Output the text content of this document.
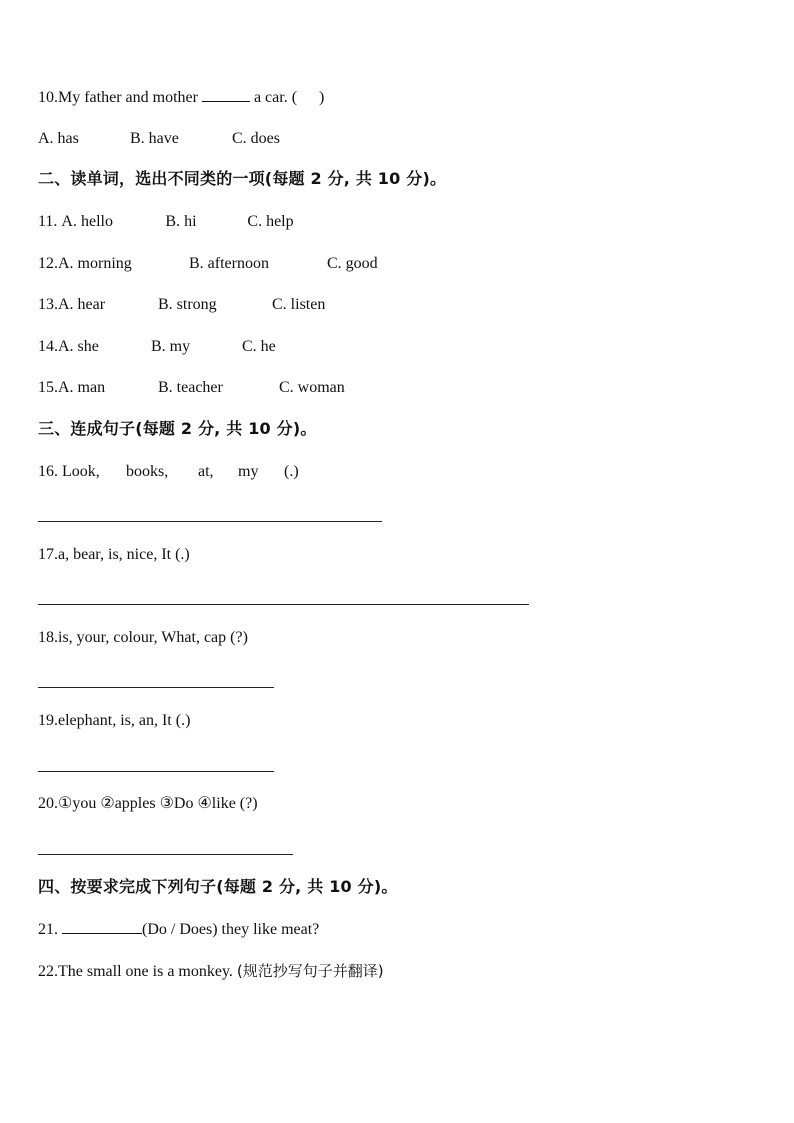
10.My father and mother	a car. ( )
A. has	B. have	C. does
二、读单词，选出不同类的一项(每题 2 分, 共 10 分)。
11. A. hello	B. hi	C. help
12.A. morning	B. afternoon	C. good
13.A. hear	B. strong	C. listen
14.A. she	B. my	C. he
15.A. man	B. teacher	C. woman
三、连成句子(每题 2 分, 共 10 分)。
16. Look, books, at, my (.)
17.a, bear, is, nice, It (.)
18.is, your, colour, What, cap (?)
19.elephant, is, an, It (.)
20.①you ②apples ③Do ④like (?)
四、按要求完成下列句子(每题 2 分, 共 10 分)。
21.	(Do / Does) they like meat?
22.The small one is a monkey. (规范抄写句子并翻译)
